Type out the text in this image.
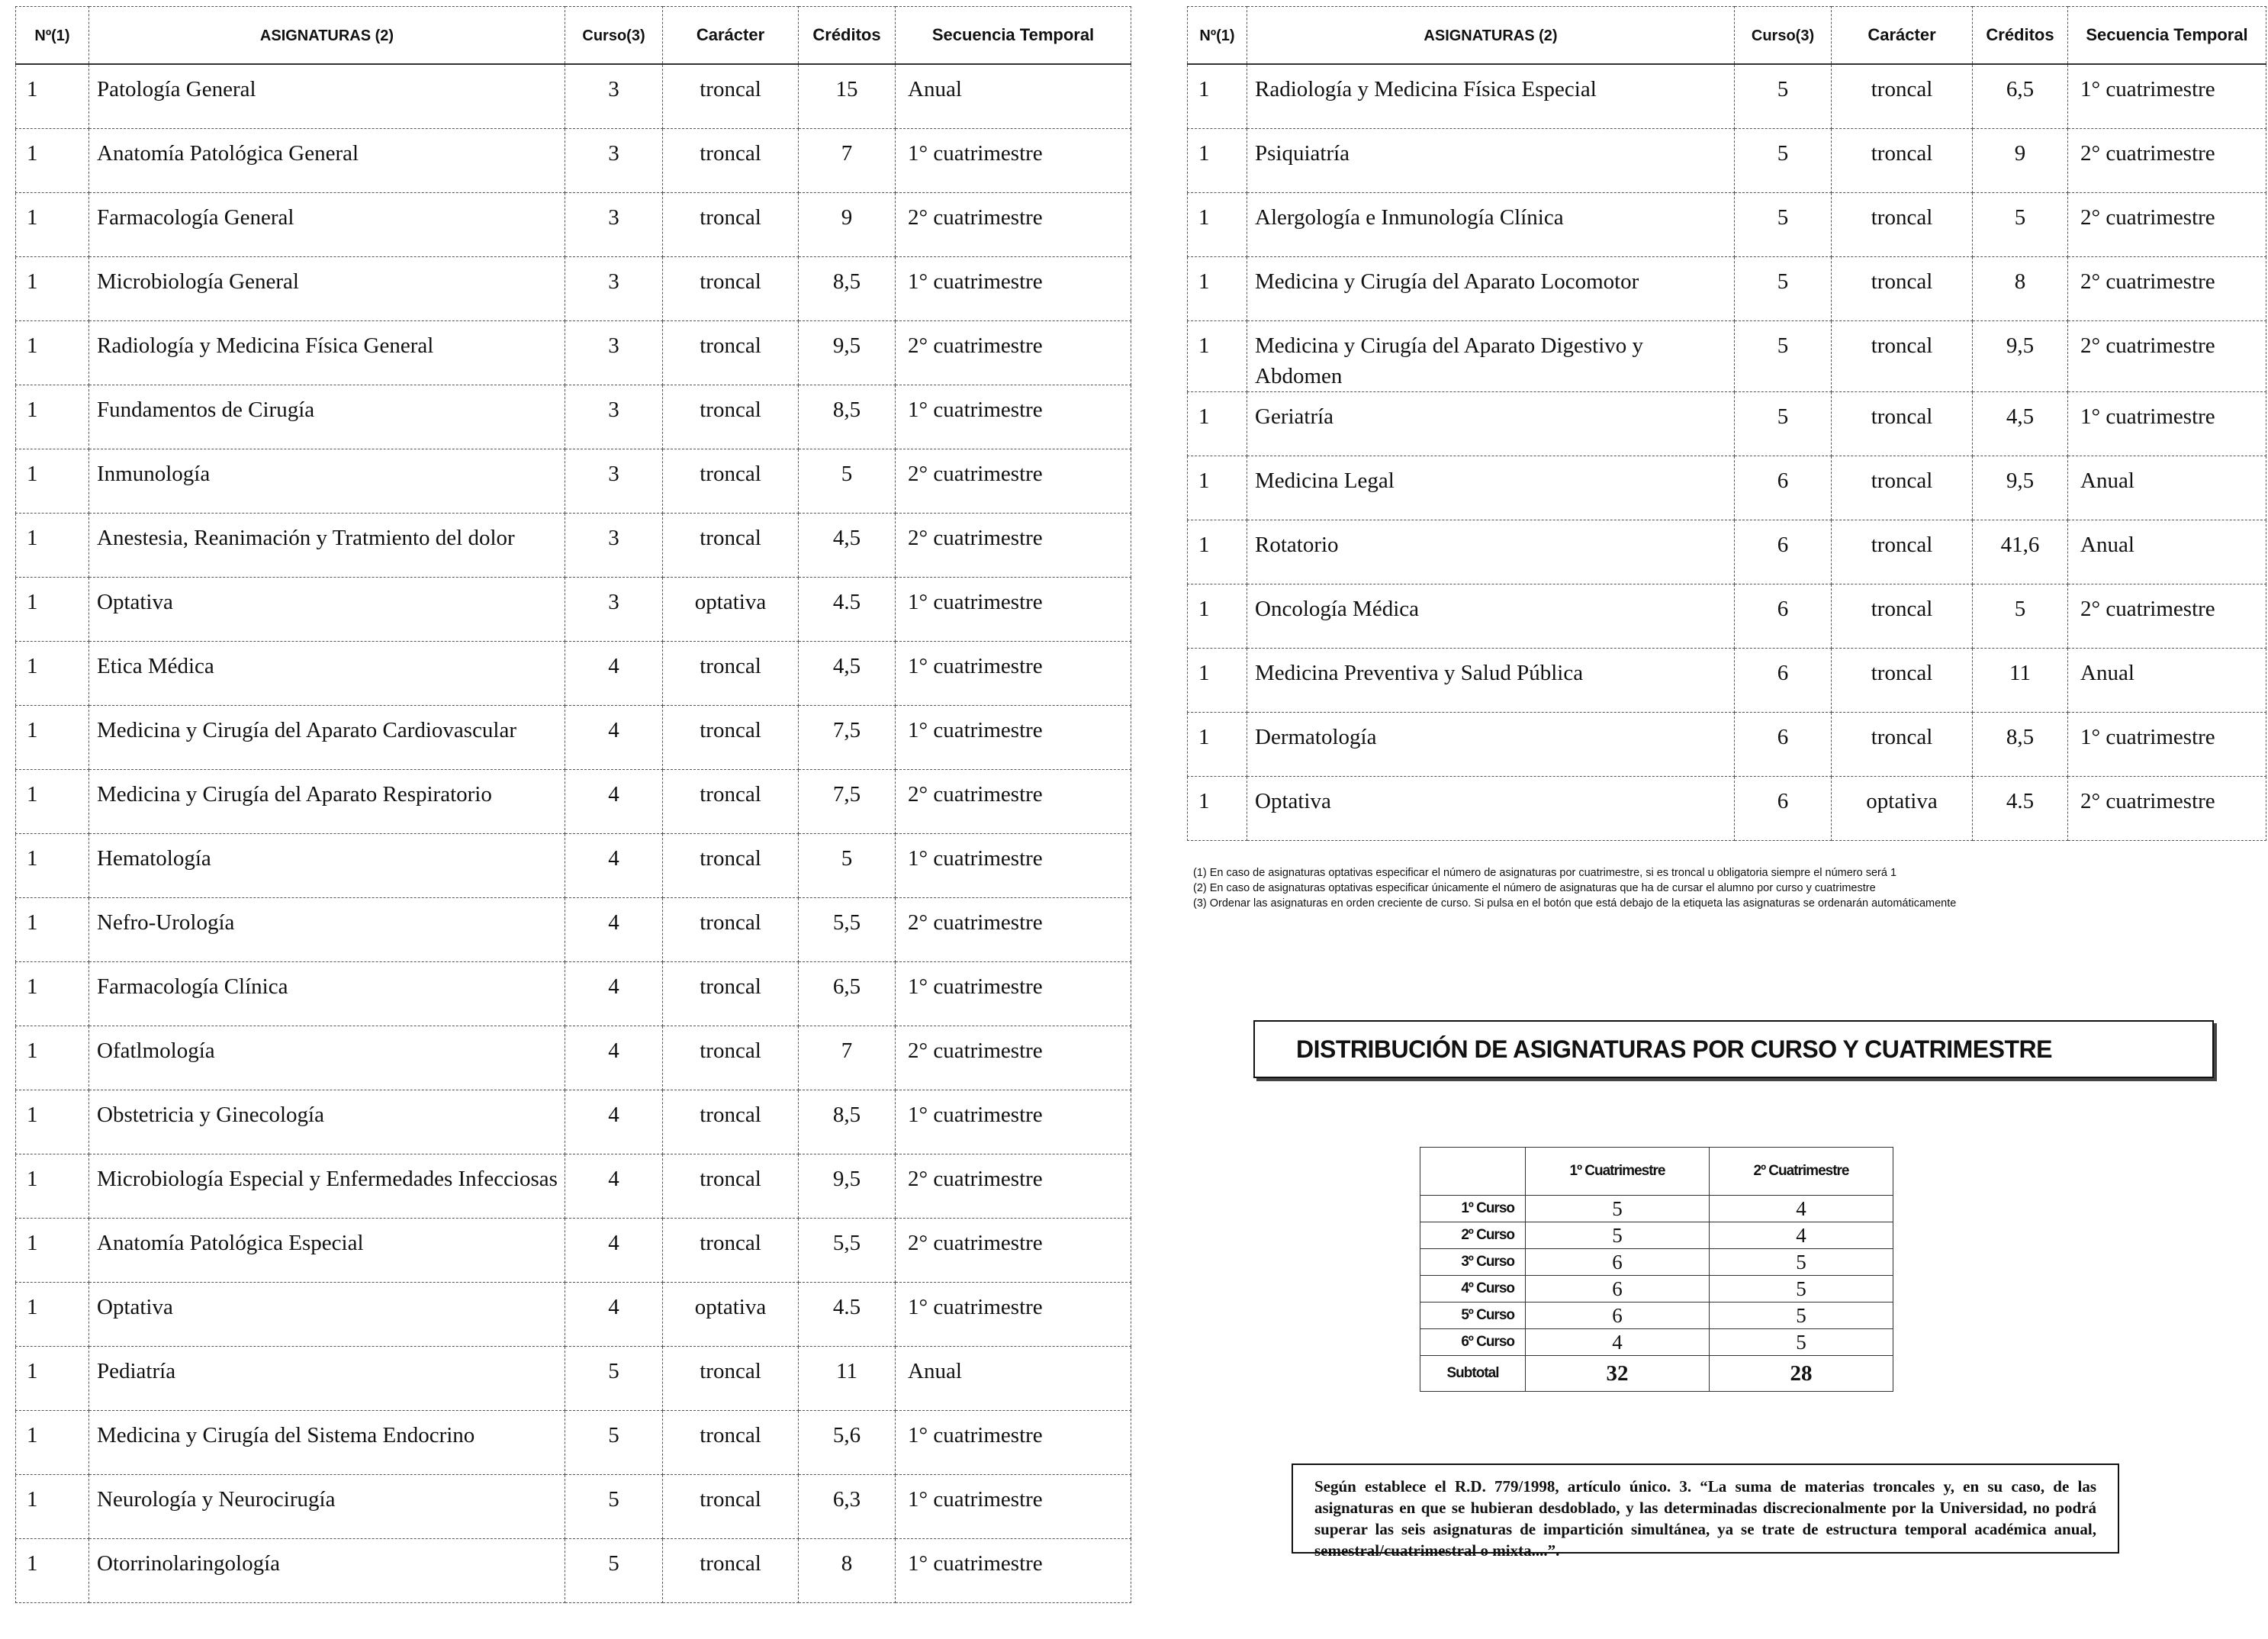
Nº(1)	ASIGNATURAS (2)	Curso(3)	Carácter	Créditos	Secuencia Temporal
1	Patología General	3	troncal	15	Anual
1	Anatomía Patológica General	3	troncal	7	1° cuatrimestre
1	Farmacología General	3	troncal	9	2° cuatrimestre
1	Microbiología General	3	troncal	8,5	1° cuatrimestre
1	Radiología y Medicina Física General	3	troncal	9,5	2° cuatrimestre
1	Fundamentos de Cirugía	3	troncal	8,5	1° cuatrimestre
1	Inmunología	3	troncal	5	2° cuatrimestre
1	Anestesia, Reanimación y Tratmiento del dolor	3	troncal	4,5	2° cuatrimestre
1	Optativa	3	optativa	4.5	1° cuatrimestre
1	Etica Médica	4	troncal	4,5	1° cuatrimestre
1	Medicina y Cirugía del Aparato Cardiovascular	4	troncal	7,5	1° cuatrimestre
1	Medicina y Cirugía del Aparato Respiratorio	4	troncal	7,5	2° cuatrimestre
1	Hematología	4	troncal	5	1° cuatrimestre
1	Nefro-Urología	4	troncal	5,5	2° cuatrimestre
1	Farmacología Clínica	4	troncal	6,5	1° cuatrimestre
1	Ofatlmología	4	troncal	7	2° cuatrimestre
1	Obstetricia y Ginecología	4	troncal	8,5	1° cuatrimestre
1	Microbiología Especial y Enfermedades Infecciosas	4	troncal	9,5	2° cuatrimestre
1	Anatomía Patológica Especial	4	troncal	5,5	2° cuatrimestre
1	Optativa	4	optativa	4.5	1° cuatrimestre
1	Pediatría	5	troncal	11	Anual
1	Medicina y Cirugía del Sistema Endocrino	5	troncal	5,6	1° cuatrimestre
1	Neurología y Neurocirugía	5	troncal	6,3	1° cuatrimestre
1	Otorrinolaringología	5	troncal	8	1° cuatrimestre
Nº(1)	ASIGNATURAS (2)	Curso(3)	Carácter	Créditos	Secuencia Temporal
1	Radiología y Medicina Física Especial	5	troncal	6,5	1° cuatrimestre
1	Psiquiatría	5	troncal	9	2° cuatrimestre
1	Alergología e Inmunología Clínica	5	troncal	5	2° cuatrimestre
1	Medicina y Cirugía del Aparato Locomotor	5	troncal	8	2° cuatrimestre
1	Medicina y Cirugía del Aparato Digestivo y Abdomen	5	troncal	9,5	2° cuatrimestre
1	Geriatría	5	troncal	4,5	1° cuatrimestre
1	Medicina Legal	6	troncal	9,5	Anual
1	Rotatorio	6	troncal	41,6	Anual
1	Oncología Médica	6	troncal	5	2° cuatrimestre
1	Medicina Preventiva y Salud Pública	6	troncal	11	Anual
1	Dermatología	6	troncal	8,5	1° cuatrimestre
1	Optativa	6	optativa	4.5	2° cuatrimestre
(1) En caso de asignaturas optativas especificar el número de asignaturas por cuatrimestre, si es troncal u obligatoria siempre el número será 1
(2) En caso de asignaturas optativas especificar únicamente el número de asignaturas que ha de cursar el alumno por curso y cuatrimestre
(3) Ordenar las asignaturas en orden creciente de curso. Si pulsa en el botón que está debajo de la etiqueta las asignaturas se ordenarán automáticamente
DISTRIBUCIÓN DE ASIGNATURAS POR CURSO Y CUATRIMESTRE
	1º Cuatrimestre	2º Cuatrimestre
1º Curso	5	4
2º Curso	5	4
3º Curso	6	5
4º Curso	6	5
5º Curso	6	5
6º Curso	4	5
Subtotal	32	28
Según establece el R.D. 779/1998, artículo único. 3. “La suma de materias troncales y, en su caso, de las asignaturas en que se hubieran desdoblado, y las determinadas discrecionalmente por la Universidad, no podrá superar las seis asignaturas de impartición simultánea, ya se trate de estructura temporal académica anual, semestral/cuatrimestral o mixta....”.
